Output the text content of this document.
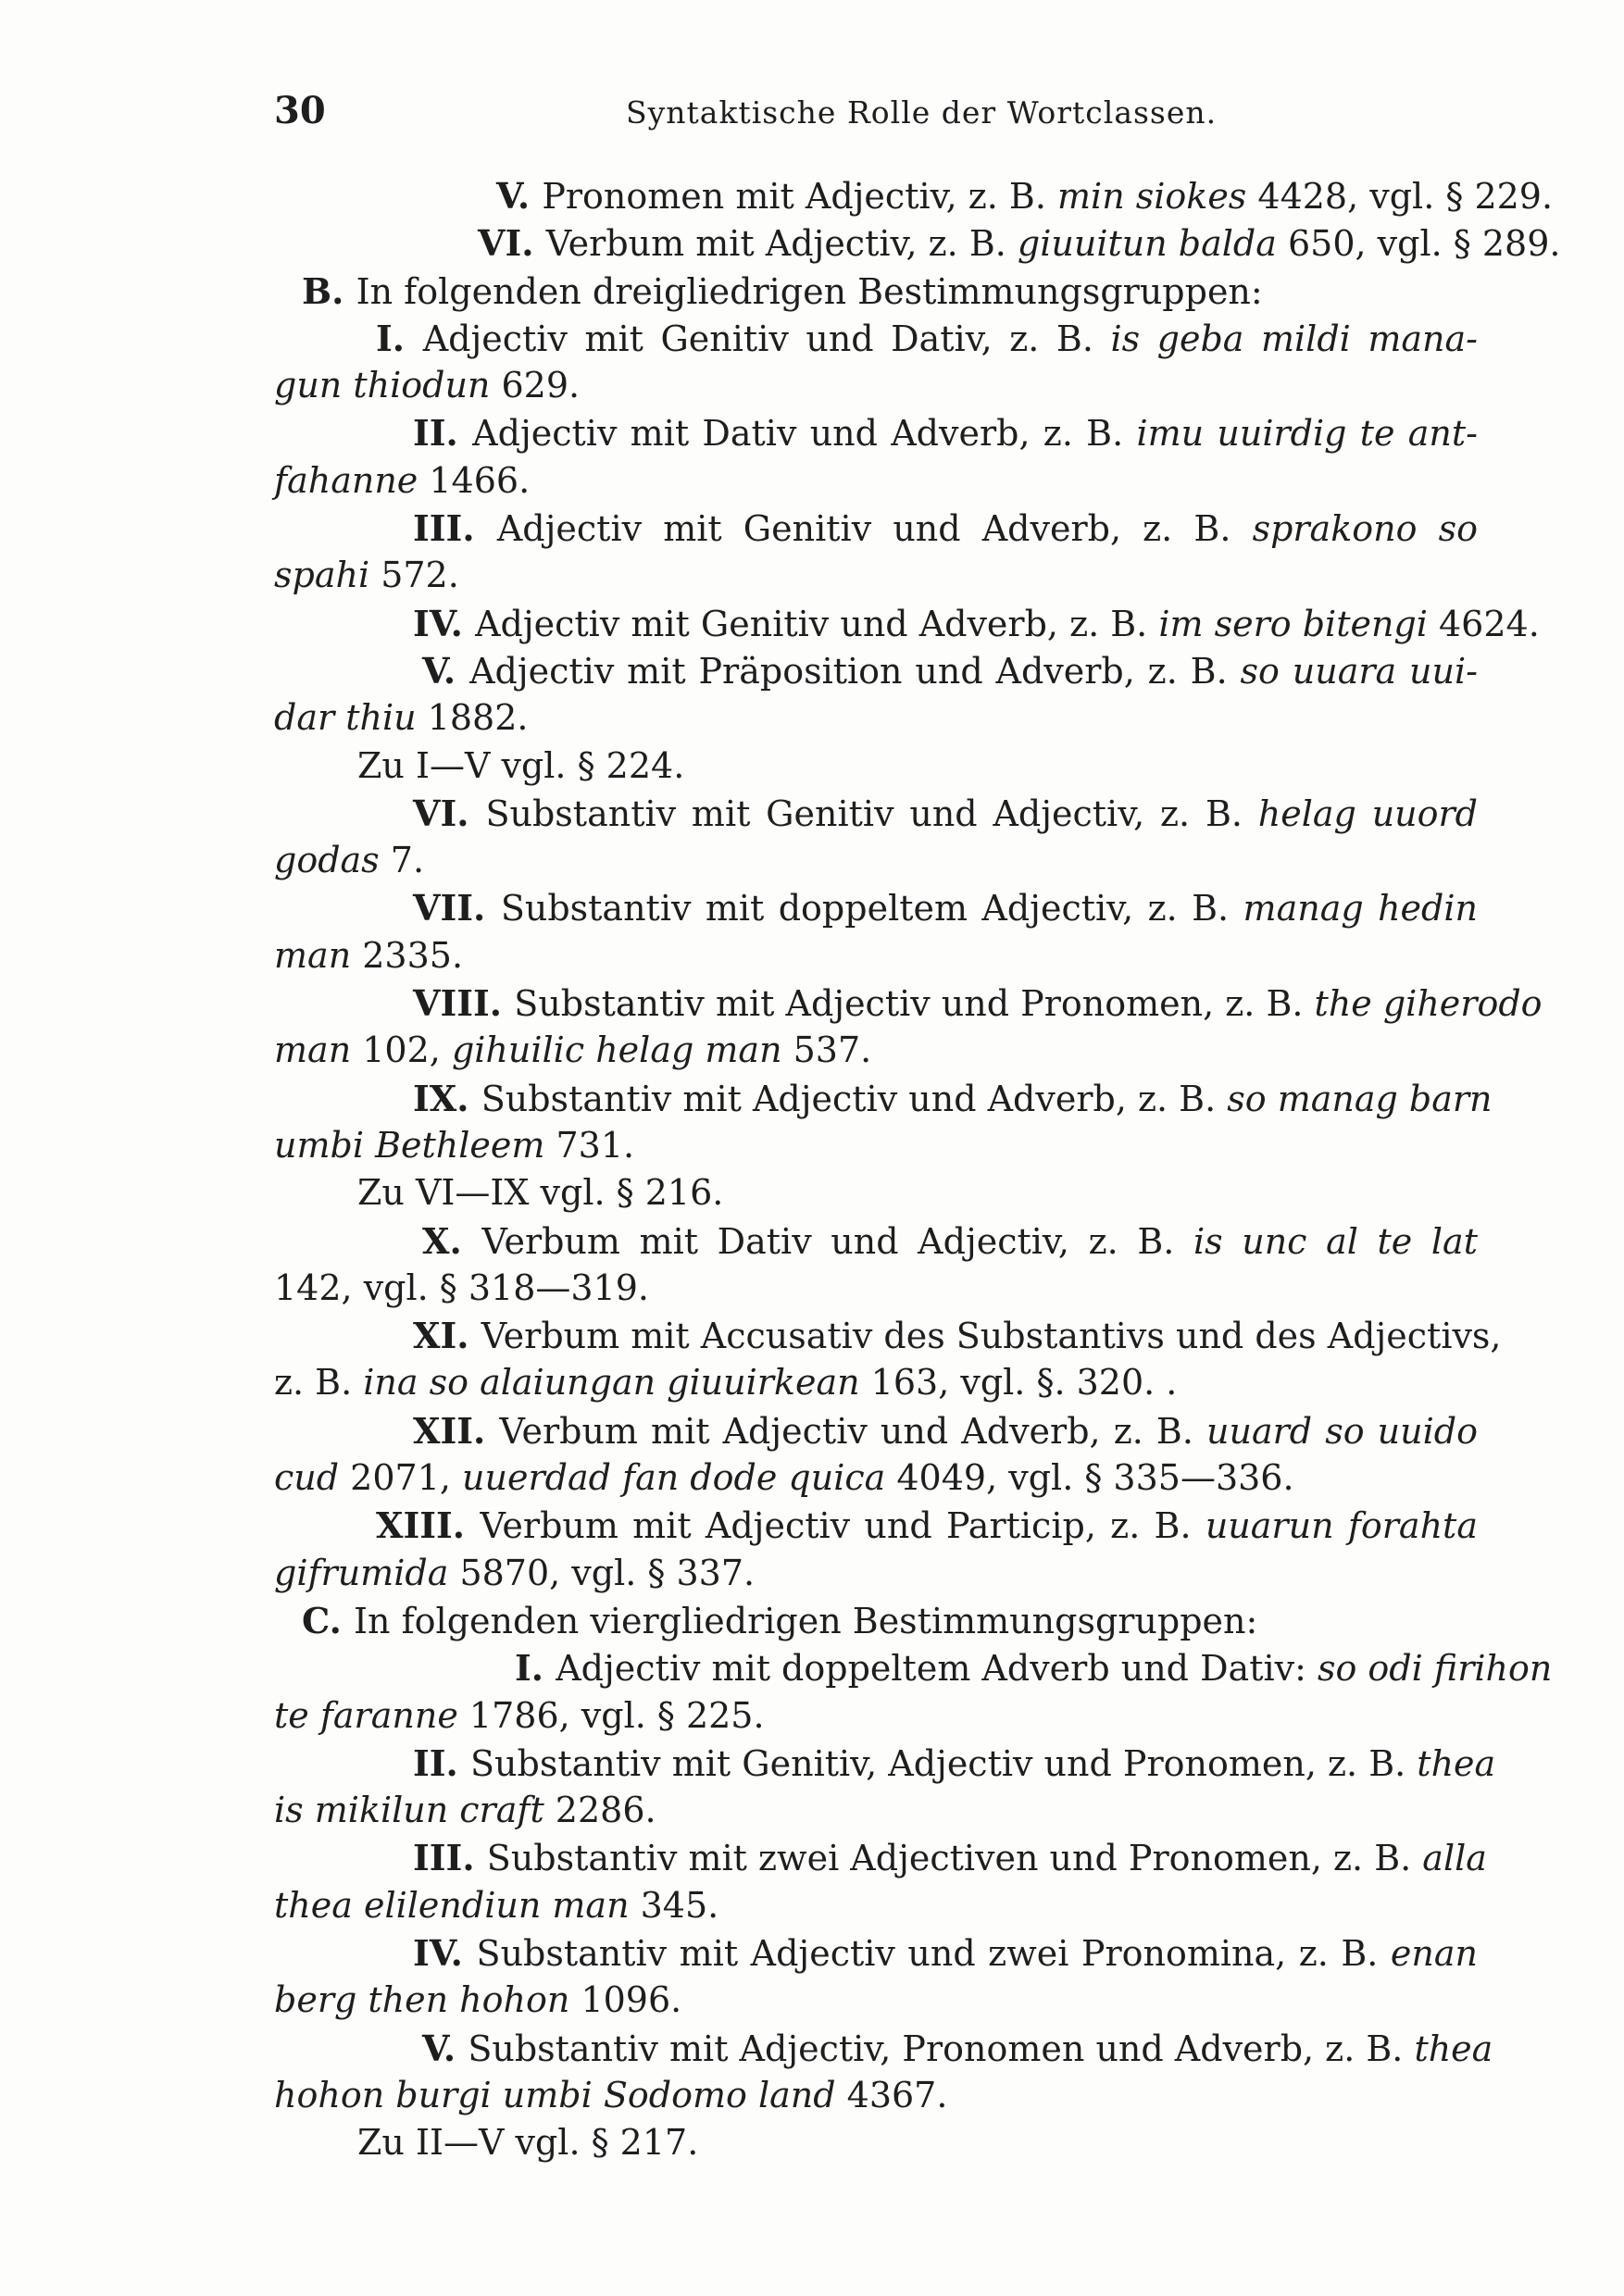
30	Syntaktische Rolle der Wortclassen.
V. Pronomen mit Adjectiv, z. B. min siokes 4428, vgl. § 229.
VI. Verbum mit Adjectiv, z. B. giuuitun balda 650, vgl. § 289.
B. In folgenden dreigliedrigen Bestimmungsgruppen:
I. Adjectiv mit Genitiv und Dativ, z. B. is geba mildi mana-
gun thiodun 629.
II. Adjectiv mit Dativ und Adverb, z. B. imu uuirdig te ant-
fahanne 1466.
III. Adjectiv mit Genitiv und Adverb, z. B. sprakono so
spahi 572.
IV. Adjectiv mit Genitiv und Adverb, z. B. im sero bitengi 4624.
V. Adjectiv mit Präposition und Adverb, z. B. so uuara uui-
dar thiu 1882.
Zu I—V vgl. § 224.
VI. Substantiv mit Genitiv und Adjectiv, z. B. helag uuord
godas 7.
VII. Substantiv mit doppeltem Adjectiv, z. B. manag hedin
man 2335.
VIII. Substantiv mit Adjectiv und Pronomen, z. B. the giherodo
man 102, gihuilic helag man 537.
IX. Substantiv mit Adjectiv und Adverb, z. B. so manag barn
umbi Bethleem 731.
Zu VI—IX vgl. § 216.
X. Verbum mit Dativ und Adjectiv, z. B. is unc al te lat
142, vgl. § 318—319.
XI. Verbum mit Accusativ des Substantivs und des Adjectivs,
z. B. ina so alaiungan giuuirkean 163, vgl. §. 320. .
XII. Verbum mit Adjectiv und Adverb, z. B. uuard so uuido
cud 2071, uuerdad fan dode quica 4049, vgl. § 335—336.
XIII. Verbum mit Adjectiv und Particip, z. B. uuarun forahta
gifrumida 5870, vgl. § 337.
C. In folgenden viergliedrigen Bestimmungsgruppen:
I. Adjectiv mit doppeltem Adverb und Dativ: so odi firihon
te faranne 1786, vgl. § 225.
II. Substantiv mit Genitiv, Adjectiv und Pronomen, z. B. thea
is mikilun craft 2286.
III. Substantiv mit zwei Adjectiven und Pronomen, z. B. alla
thea elilendiun man 345.
IV. Substantiv mit Adjectiv und zwei Pronomina, z. B. enan
berg then hohon 1096.
V. Substantiv mit Adjectiv, Pronomen und Adverb, z. B. thea
hohon burgi umbi Sodomo land 4367.
Zu II—V vgl. § 217.
